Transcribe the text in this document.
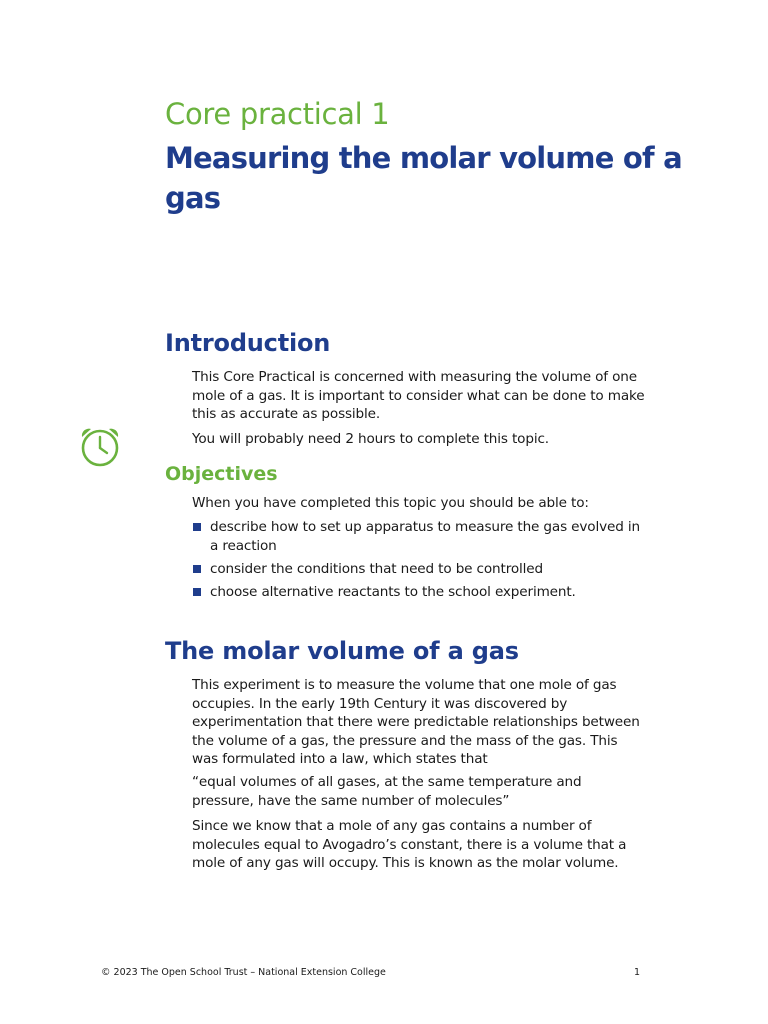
Core practical 1
Measuring the molar volume of a gas
Introduction

This Core Practical is concerned with measuring the volume of one mole of a gas. It is important to consider what can be done to make this as accurate as possible.

You will probably need 2 hours to complete this topic.

Objectives

When you have completed this topic you should be able to:

describe how to set up apparatus to measure the gas evolved in a reaction
consider the conditions that need to be controlled
choose alternative reactants to the school experiment.
The molar volume of a gas

This experiment is to measure the volume that one mole of gas occupies. In the early 19th Century it was discovered by experimentation that there were predictable relationships between the volume of a gas, the pressure and the mass of the gas. This was formulated into a law, which states that

“equal volumes of all gases, at the same temperature and pressure, have the same number of molecules”

Since we know that a mole of any gas contains a number of molecules equal to Avogadro’s constant, there is a volume that a mole of any gas will occupy. This is known as the molar volume.

© 2023 The Open School Trust – National Extension College	1
